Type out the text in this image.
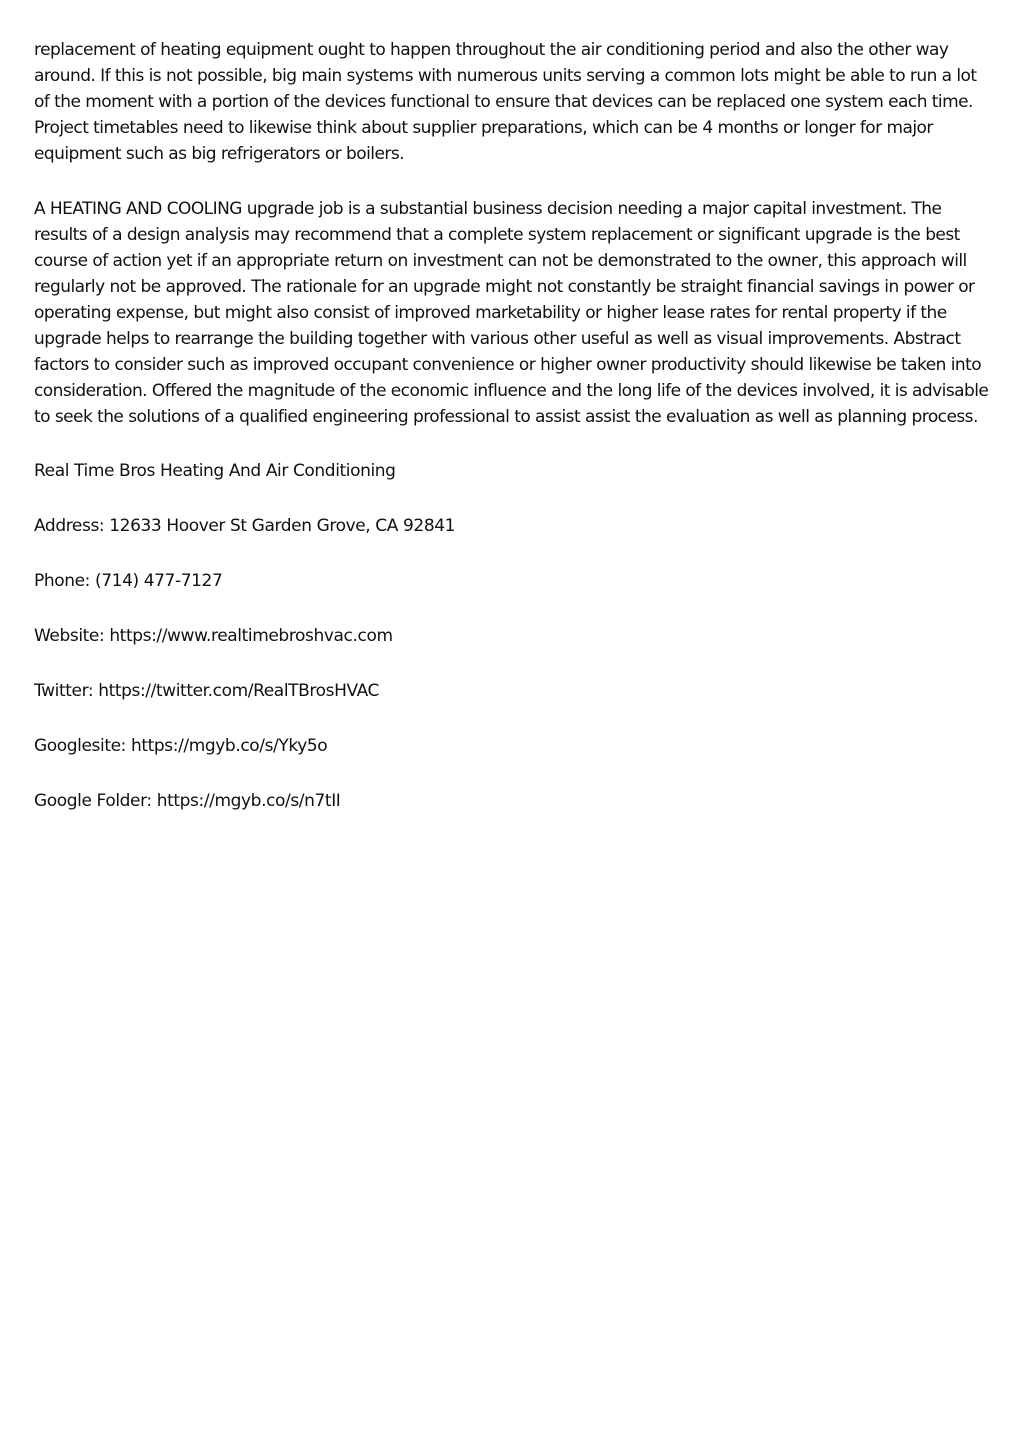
replacement of heating equipment ought to happen throughout the air conditioning period and also the other way around. If this is not possible, big main systems with numerous units serving a common lots might be able to run a lot of the moment with a portion of the devices functional to ensure that devices can be replaced one system each time. Project timetables need to likewise think about supplier preparations, which can be 4 months or longer for major equipment such as big refrigerators or boilers.

A HEATING AND COOLING upgrade job is a substantial business decision needing a major capital investment. The results of a design analysis may recommend that a complete system replacement or significant upgrade is the best course of action yet if an appropriate return on investment can not be demonstrated to the owner, this approach will regularly not be approved. The rationale for an upgrade might not constantly be straight financial savings in power or operating expense, but might also consist of improved marketability or higher lease rates for rental property if the upgrade helps to rearrange the building together with various other useful as well as visual improvements. Abstract factors to consider such as improved occupant convenience or higher owner productivity should likewise be taken into consideration. Offered the magnitude of the economic influence and the long life of the devices involved, it is advisable to seek the solutions of a qualified engineering professional to assist assist the evaluation as well as planning process.

Real Time Bros Heating And Air Conditioning

Address: 12633 Hoover St Garden Grove, CA 92841

Phone: (714) 477-7127

Website: https://www.realtimebroshvac.com

Twitter: https://twitter.com/RealTBrosHVAC

Googlesite: https://mgyb.co/s/Yky5o

Google Folder: https://mgyb.co/s/n7tII
